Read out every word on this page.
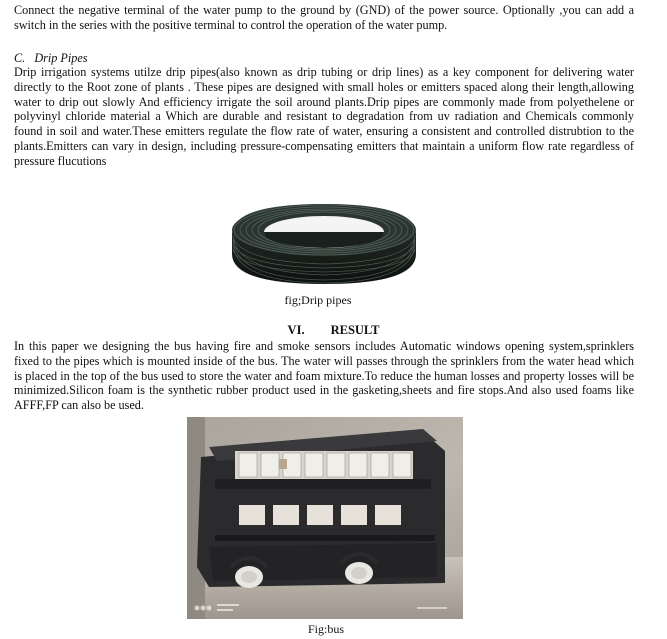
Connect the negative terminal of the water pump to the ground by (GND) of the power source. Optionally ,you can add a switch in the series with the positive terminal to control the operation of the water pump.

C. Drip Pipes

Drip irrigation systems utilze drip pipes(also known as drip tubing or drip lines) as a key component for delivering water directly to the Root zone of plants . These pipes are designed with small holes or emitters spaced along their length,allowing water to drip out slowly And efficiency irrigate the soil around plants.Drip pipes are commonly made from polyethelene or polyvinyl chloride material a Which are durable and resistant to degradation from uv radiation and Chemicals commonly found in soil and water.These emitters regulate the flow rate of water, ensuring a consistent and controlled distrubtion to the plants.Emitters can vary in design, including pressure-compensating emitters that maintain a uniform flow rate regardless of pressure flucutions

fig;Drip pipes

VI. RESULT

In this paper we designing the bus having fire and smoke sensors includes Automatic windows opening system,sprinklers fixed to the pipes which is mounted inside of the bus. The water will passes through the sprinklers from the water head which is placed in the top of the bus used to store the water and foam mixture.To reduce the human losses and property losses will be minimized.Silicon foam is the synthetic rubber product used in the gasketing,sheets and fire stops.And also used foams like AFFF,FP can also be used.

Fig:bus
